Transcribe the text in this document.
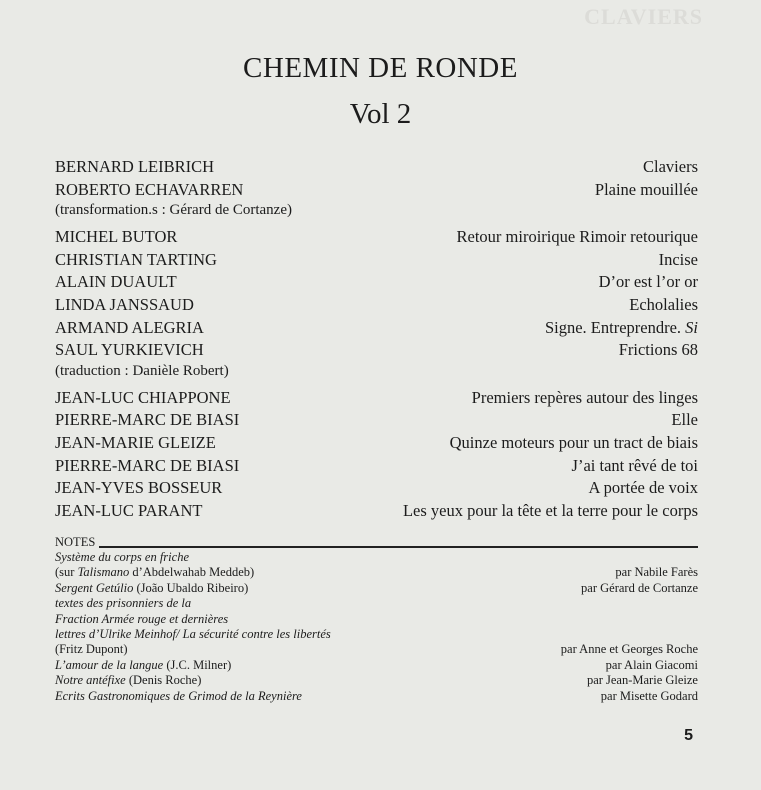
CLAVIERS
CHEMIN DE RONDE
Vol 2
BERNARD LEIBRICH	Claviers
ROBERTO ECHAVARREN	Plaine mouillée
(transformation.s : Gérard de Cortanze)
MICHEL BUTOR	Retour miroirique Rimoir retourique
CHRISTIAN TARTING	Incise
ALAIN DUAULT	D’or est l’or or
LINDA JANSSAUD	Echolalies
ARMAND ALEGRIA	Signe. Entreprendre. Si
SAUL YURKIEVICH	Frictions 68
(traduction : Danièle Robert)
JEAN-LUC CHIAPPONE	Premiers repères autour des linges
PIERRE-MARC DE BIASI	Elle
JEAN-MARIE GLEIZE	Quinze moteurs pour un tract de biais
PIERRE-MARC DE BIASI	J’ai tant rêvé de toi
JEAN-YVES BOSSEUR	A portée de voix
JEAN-LUC PARANT	Les yeux pour la tête et la terre pour le corps
NOTES
Système du corps en friche
(sur Talismano d’Abdelwahab Meddeb)	par Nabile Farès
Sergent Getúlio (João Ubaldo Ribeiro)	par Gérard de Cortanze
textes des prisonniers de la
Fraction Armée rouge et dernières
lettres d’Ulrike Meinhof/ La sécurité contre les libertés
(Fritz Dupont)	par Anne et Georges Roche
L’amour de la langue (J.C. Milner)	par Alain Giacomi
Notre antéfixe (Denis Roche)	par Jean-Marie Gleize
Ecrits Gastronomiques de Grimod de la Reynière	par Misette Godard
5
